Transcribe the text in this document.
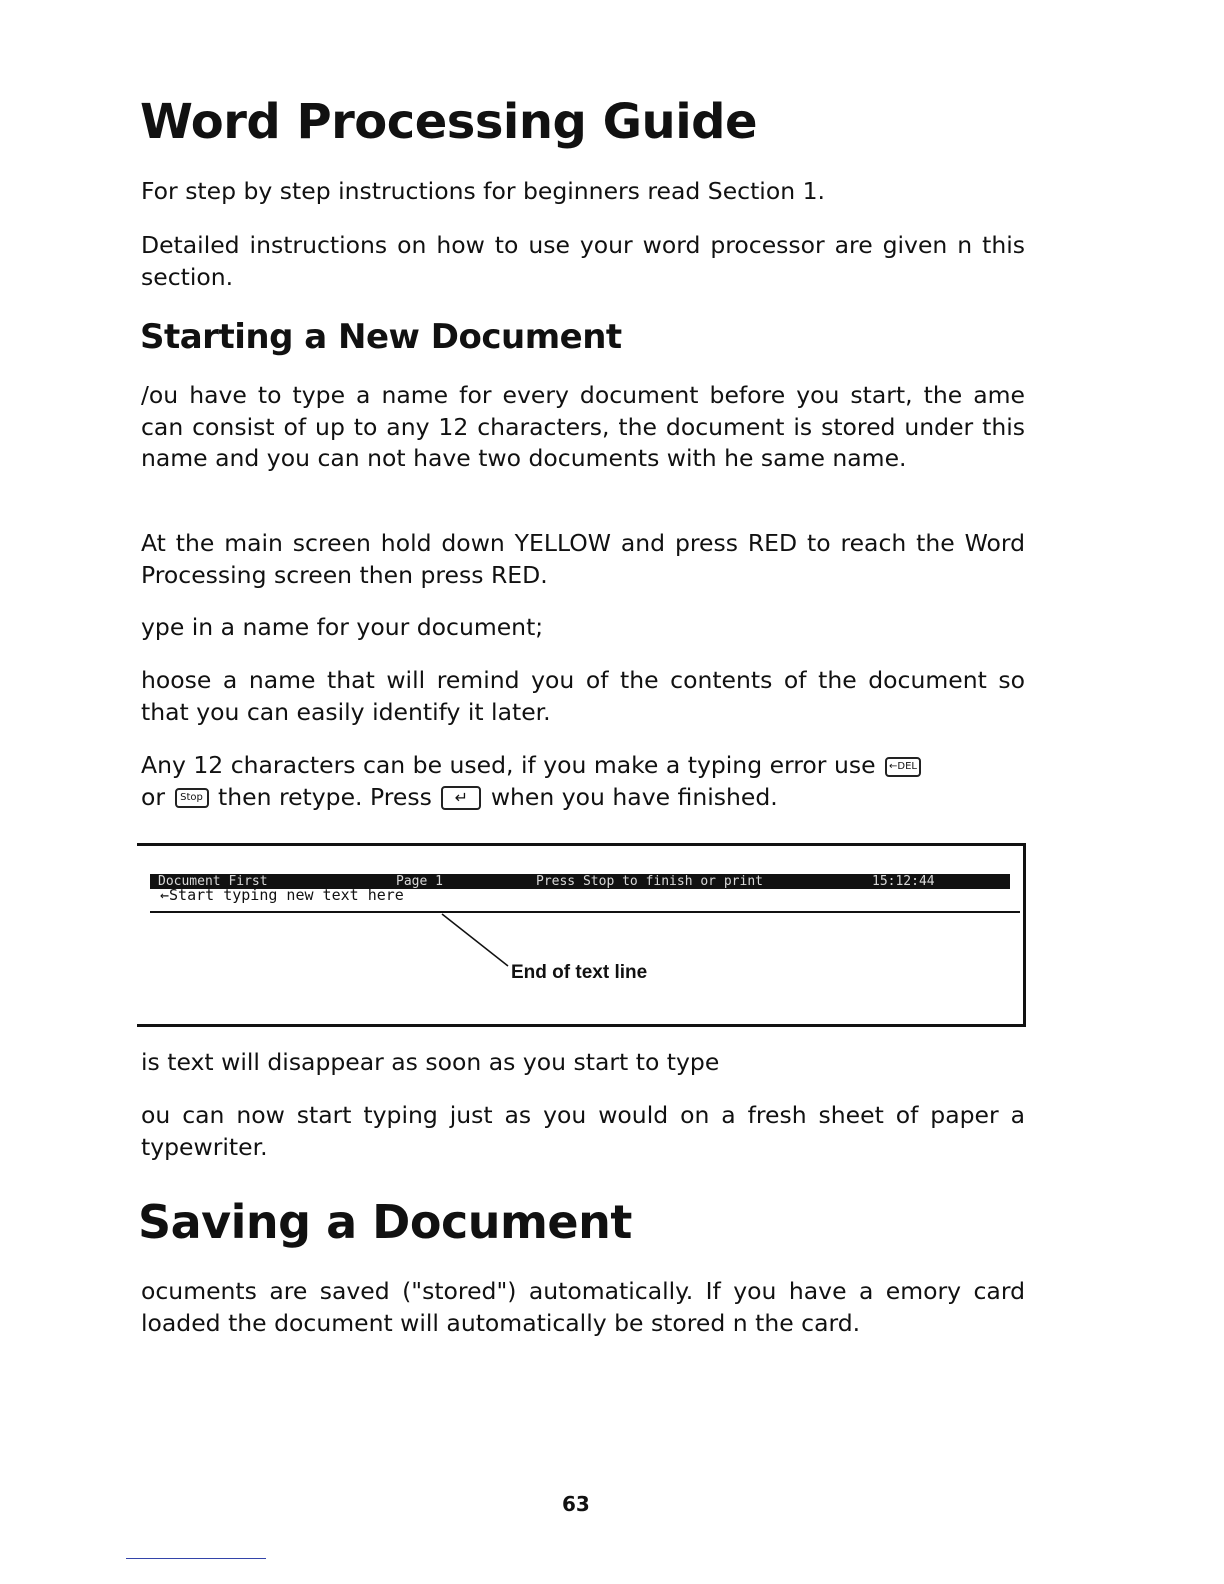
Word Processing Guide

For step by step instructions for beginners read Section 1.

Detailed instructions on how to use your word processor are given n this section.

Starting a New Document

/ou have to type a name for every document before you start, the ame can consist of up to any 12 characters, the document is stored under this name and you can not have two documents with he same name.

At the main screen hold down YELLOW and press RED to reach the Word Processing screen then press RED.

ype in a name for your document;

hoose a name that will remind you of the contents of the document so that you can easily identify it later.

Any 12 characters can be used, if you make a typing error use ←DEL
or Stop then retype. Press ↵ when you have finished.

Document First

	Page 1

	Press Stop to finish or print

	15:12:44

←Start typing new text here
End of text line

is text will disappear as soon as you start to type

ou can now start typing just as you would on a fresh sheet of paper a typewriter.

Saving a Document

ocuments are saved ("stored") automatically. If you have a emory card loaded the document will automatically be stored n the card.

63
